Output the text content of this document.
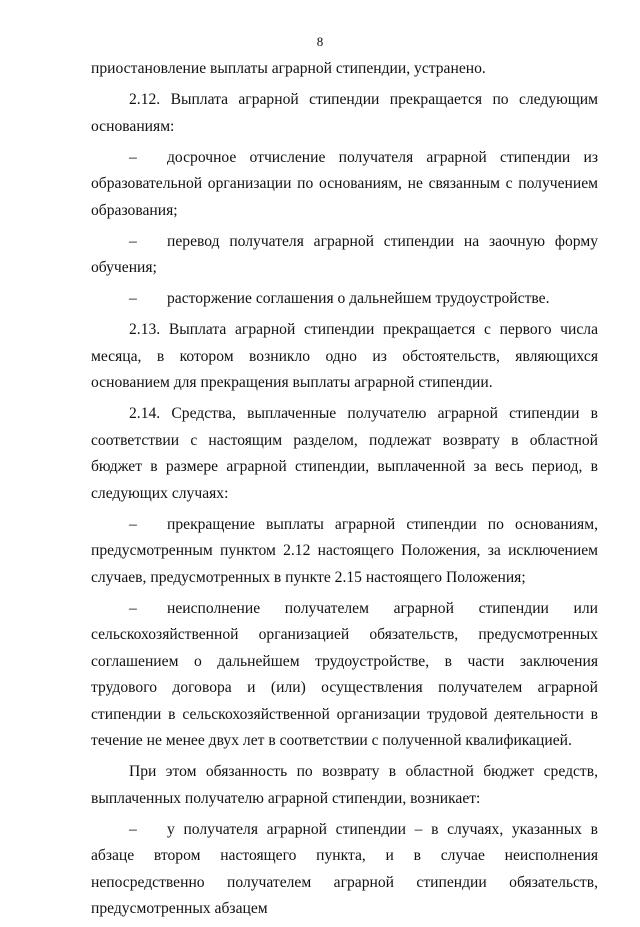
8

приостановление выплаты аграрной стипендии, устранено.

2.12. Выплата аграрной стипендии прекращается по следующим основаниям:

– досрочное отчисление получателя аграрной стипендии из образовательной организации по основаниям, не связанным с получением образования;

– перевод получателя аграрной стипендии на заочную форму обучения;

– расторжение соглашения о дальнейшем трудоустройстве.

2.13. Выплата аграрной стипендии прекращается с первого числа месяца, в котором возникло одно из обстоятельств, являющихся основанием для прекращения выплаты аграрной стипендии.

2.14. Средства, выплаченные получателю аграрной стипендии в соответствии с настоящим разделом, подлежат возврату в областной бюджет в размере аграрной стипендии, выплаченной за весь период, в следующих случаях:

– прекращение выплаты аграрной стипендии по основаниям, предусмотренным пунктом 2.12 настоящего Положения, за исключением случаев, предусмотренных в пункте 2.15 настоящего Положения;

– неисполнение получателем аграрной стипендии или сельскохозяйственной организацией обязательств, предусмотренных соглашением о дальнейшем трудоустройстве, в части заключения трудового договора и (или) осуществления получателем аграрной стипендии в сельскохозяйственной организации трудовой деятельности в течение не менее двух лет в соответствии с полученной квалификацией.

При этом обязанность по возврату в областной бюджет средств, выплаченных получателю аграрной стипендии, возникает:

– у получателя аграрной стипендии – в случаях, указанных в абзаце втором настоящего пункта, и в случае неисполнения непосредственно получателем аграрной стипендии обязательств, предусмотренных абзацем
